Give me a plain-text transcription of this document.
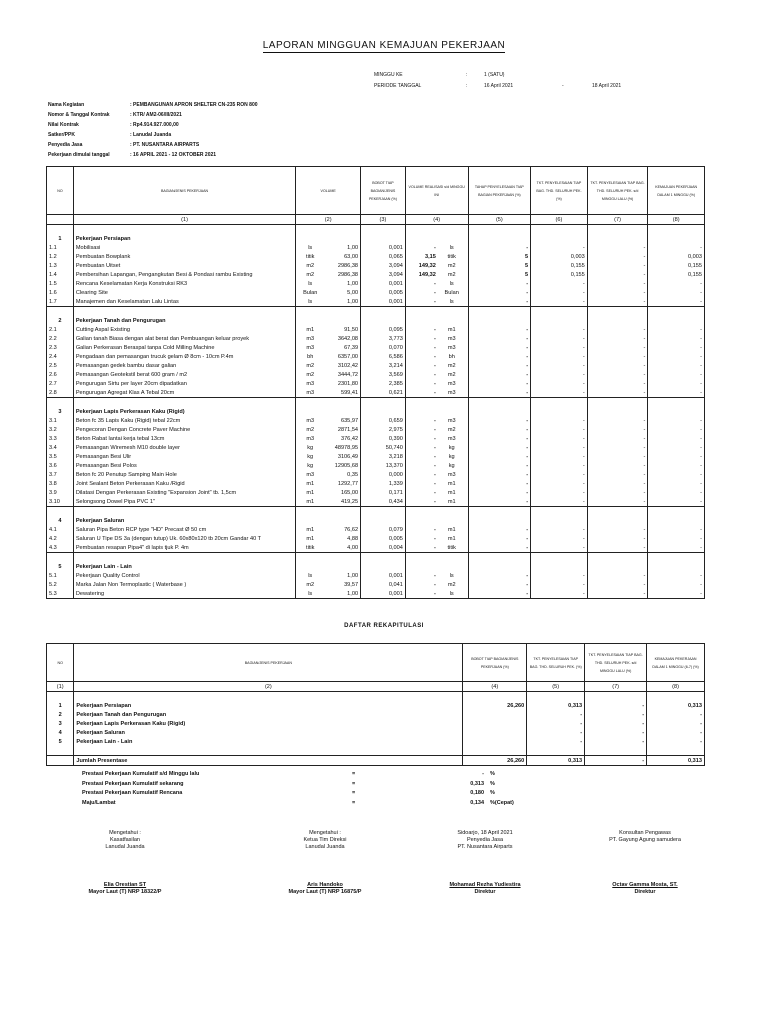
LAPORAN MINGGUAN KEMAJUAN PEKERJAAN
MINGGU KE	:	1 (SATU)
PERIODE TANGGAL	:	16 April 2021	-	18 April 2021
Nama Kegiatan	: PEMBANGUNAN APRON SHELTER CN-235 RON 800
Nomor & Tanggal Kontrak	: KTR/ AM2-06/III/2021
Nilai Kontrak	: Rp4.914.927.000,00
Satker/PPK	: Lanudal Juanda
Penyedia Jasa	: PT. NUSANTARA AIRPARTS
Pekerjaan dimulai tanggal	: 16 APRIL 2021 - 12 OKTOBER 2021
NO	BAGIAN/JENIS PEKERJAAN	VOLUME	BOBOT TIAP BAGIAN/JENIS PEKERJAAN (%)	VOLUME REALISASI s/d MINGGU INI	TAHAP PENYELESAIAN TIAP BAGIAN PEKERJAAN (%)	TKT. PENYELESAIAN TIAP BAG. THD. SELURUH PEK. (%)	TKT. PENYELESAIAN TIAP BAG. THD. SELURUH PEK. s/d MINGGU LALU (%)	KEMAJUAN PEKERJAAN DALAM 1 MINGGU (%)
	(1)	(2)	(3)	(4)	(5)	(6)	(7)	(8)

1	Pekerjaan Persiapan							
1.1	Mobilisasi	ls 1,00	0,001	- ls	-	-	-	-
1.2	Pembuatan Bowplank	titik 63,00	0,065	3,15 titik	5	0,003	-	0,003
1.3	Pembuatan Uitset	m2 2986,38	3,094	149,32 m2	5	0,155	-	0,155
1.4	Pembersihan Lapangan, Pengangkutan Besi & Pondasi rambu Existing	m2 2986,38	3,094	149,32 m2	5	0,155	-	0,155
1.5	Rencana Keselamatan Kerja Konstruksi RK3	ls 1,00	0,001	- ls	-	-	-	-
1.6	Clearing Site	Bulan 5,00	0,005	- Bulan	-	-	-	-
1.7	Manajemen dan Keselamatan Lalu Lintas	ls 1,00	0,001	- ls	-	-	-	-

2	Pekerjaan Tanah dan Pengurugan							
2.1	Cutting Aspal Existing	m1 91,50	0,095	- m1	-	-	-	-
2.2	Galian tanah Biasa dengan alat berat dan Pembuangan keluar proyek	m3 3642,08	3,773	- m3	-	-	-	-
2.3	Galian Perkerasan Beraspal tanpa Cold Milling Machine	m3 67,39	0,070	- m3	-	-	-	-
2.4	Pengadaan dan pemasangan trucuk gelam Ø 8cm - 10cm P.4m	bh 6357,00	6,586	- bh	-	-	-	-
2.5	Pemasangan gedek bambu dasar galian	m2 3102,42	3,214	- m2	-	-	-	-
2.6	Pemasangan Geotekstil berat 600 gram / m2	m2 3444,72	3,569	- m2	-	-	-	-
2.7	Pengurugan Sirtu per layer 20cm dipadatkan	m3 2301,80	2,385	- m3	-	-	-	-
2.8	Pengurugan Agregat Klas A Tebal 20cm	m3 599,41	0,621	- m3	-	-	-	-

3	Pekerjaan Lapis Perkerasan Kaku (Rigid)							
3.1	Beton fc 35 Lapis Kaku (Rigid) tebal 22cm	m3 635,97	0,659	- m3	-	-	-	-
3.2	Pengecoran Dengan Concrete Paver Machine	m2 2871,54	2,975	- m2	-	-	-	-
3.3	Beton Rabat lantai kerja tebal 13cm	m3 376,42	0,390	- m3	-	-	-	-
3.4	Pemasangan Wiremesh M10 double layer	kg 48978,95	50,740	- kg	-	-	-	-
3.5	Pemasangan Besi Ulir	kg 3106,49	3,218	- kg	-	-	-	-
3.6	Pemasangan Besi Polos	kg 12905,68	13,370	- kg	-	-	-	-
3.7	Beton fc 20 Penutup Samping Main Hole	m3 0,35	0,000	- m3	-	-	-	-
3.8	Joint Sealant Beton Perkerasan Kaku /Rigid	m1 1292,77	1,339	- m1	-	-	-	-
3.9	Dilatasi Dengan Perkerasan Existing "Expansion Joint" tb. 1,5cm	m1 165,00	0,171	- m1	-	-	-	-
3.10	Selongsong Dowel Pipa PVC 1"	m1 419,25	0,434	- m1	-	-	-	-

4	Pekerjaan Saluran							
4.1	Saluran Pipa Beton RCP type "HD" Precast Ø 50 cm	m1 76,62	0,079	- m1	-	-	-	-
4.2	Saluran U Tipe DS 3a (dengan tutup) Uk. 60x80x120 tb 20cm Gandar 40 T	m1 4,88	0,005	- m1	-	-	-	-
4.3	Pembuatan resapan Pipa4" di lapis tjuk P. 4m	titik 4,00	0,004	- titik	-	-	-	-

5	Pekerjaan Lain - Lain							
5.1	Pekerjaan Quality Control	ls 1,00	0,001	- ls	-	-	-	-
5.2	Marka Jalan Non Termoplastic ( Waterbase )	m2 39,57	0,041	- m2	-	-	-	-
5.3	Dewatering	ls 1,00	0,001	- ls	-	-	-	-
DAFTAR REKAPITULASI
NO	BAGIAN/JENIS PEKERJAAN	BOBOT TIAP BAGIAN/JENIS PEKERJAAN (%)	TKT. PENYELESAIAN TIAP BAG. THD. SELURUH PEK. (%)	TKT. PENYELESAIAN TIAP BAG. THD. SELURUH PEK. s/d MINGGU LALU (%)	KEMAJUAN PEKERJAAN DALAM 1 MINGGU (6-7) (%)
(1)	(2)	(4)	(5)	(7)	(8)

1	Pekerjaan Persiapan	26,260	0,313	-	0,313
2	Pekerjaan Tanah dan Pengurugan		-	-	-
3	Pekerjaan Lapis Perkerasan Kaku (Rigid)		-	-	-
4	Pekerjaan Saluran		-	-	-
5	Pekerjaan Lain - Lain		-	-	-

	Jumlah Presentase	26,260	0,313	-	0,313
Prestasi Pekerjaan Kumulatif s/d Minggu lalu	=	-	%
Prestasi Pekerjaan Kumulatif sekarang	=	0,313	%
Prestasi Pekerjaan Kumulatif Rencana	=	0,180	%
Maju/Lambat	=	0,134	%(Cepat)
Mengetahui :
Kasatfasilan
Lanudal Juanda
Elia Orestian ST
Mayor Laut (T) NRP 18322/P
Mengetahui :
Ketua Tim Direksi
Lanudal Juanda
Aris Handoko
Mayor Laut (T) NRP 16875/P
Sidoarjo, 18 April 2021
Penyedia Jasa
PT. Nusantara Airparts
Mohamad Rezha Yudiestira
Direktur
Konsultan Pengawas
PT. Gayung Agung samudera
Octav Gamma Mosta, ST.
Direktur
